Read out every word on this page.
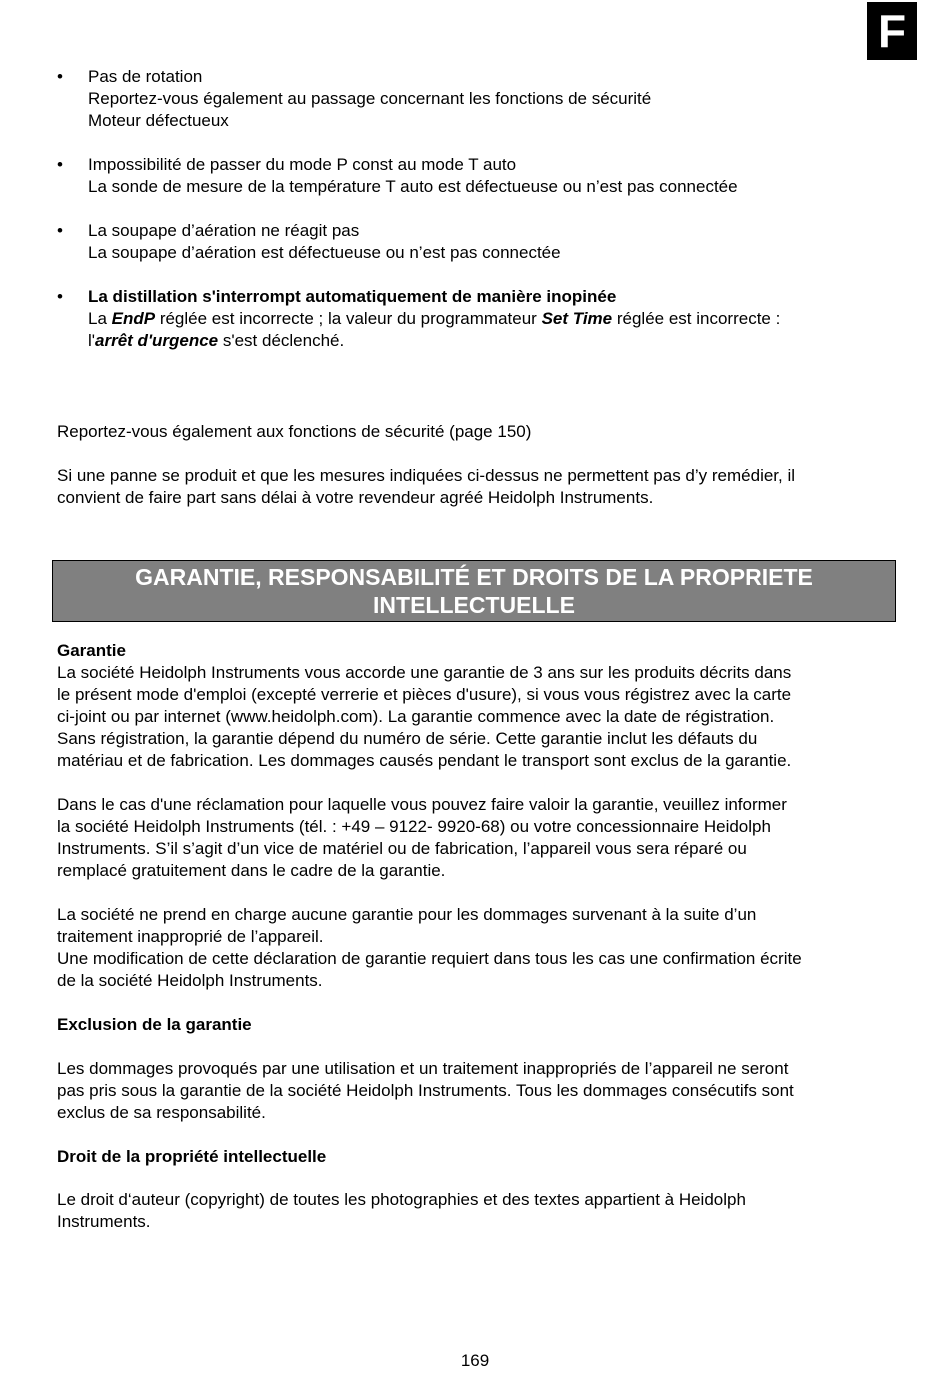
F
• Pas de rotation
Reportez-vous également au passage concernant les fonctions de sécurité
Moteur défectueux
• Impossibilité de passer du mode P const au mode T auto
La sonde de mesure de la température T auto est défectueuse ou n’est pas connectée
• La soupape d’aération ne réagit pas
La soupape d’aération est défectueuse ou n’est pas connectée
• La distillation s'interrompt automatiquement de manière inopinée
La EndP réglée est incorrecte ; la valeur du programmateur Set Time réglée est incorrecte :
l'arrêt d'urgence s'est déclenché.
Reportez-vous également aux fonctions de sécurité (page 150)
Si une panne se produit et que les mesures indiquées ci-dessus ne permettent pas d’y remédier, il
convient de faire part sans délai à votre revendeur agréé Heidolph Instruments.
GARANTIE, RESPONSABILITÉ ET DROITS DE LA PROPRIETE
INTELLECTUELLE
Garantie
La société Heidolph Instruments vous accorde une garantie de 3 ans sur les produits décrits dans
le présent mode d'emploi (excepté verrerie et pièces d'usure), si vous vous régistrez avec la carte
ci-joint ou par internet (www.heidolph.com). La garantie commence avec la date de régistration.
Sans régistration, la garantie dépend du numéro de série. Cette garantie inclut les défauts du
matériau et de fabrication. Les dommages causés pendant le transport sont exclus de la garantie.
Dans le cas d'une réclamation pour laquelle vous pouvez faire valoir la garantie, veuillez informer
la société Heidolph Instruments (tél. : +49 – 9122- 9920-68) ou votre concessionnaire Heidolph
Instruments. S’il s’agit d’un vice de matériel ou de fabrication, l’appareil vous sera réparé ou
remplacé gratuitement dans le cadre de la garantie.
La société ne prend en charge aucune garantie pour les dommages survenant à la suite d’un
traitement inapproprié de l’appareil.
Une modification de cette déclaration de garantie requiert dans tous les cas une confirmation écrite
de la société Heidolph Instruments.
Exclusion de la garantie
Les dommages provoqués par une utilisation et un traitement inappropriés de l’appareil ne seront
pas pris sous la garantie de la société Heidolph Instruments. Tous les dommages consécutifs sont
exclus de sa responsabilité.
Droit de la propriété intellectuelle
Le droit d‘auteur (copyright) de toutes les photographies et des textes appartient à Heidolph
Instruments.
169
